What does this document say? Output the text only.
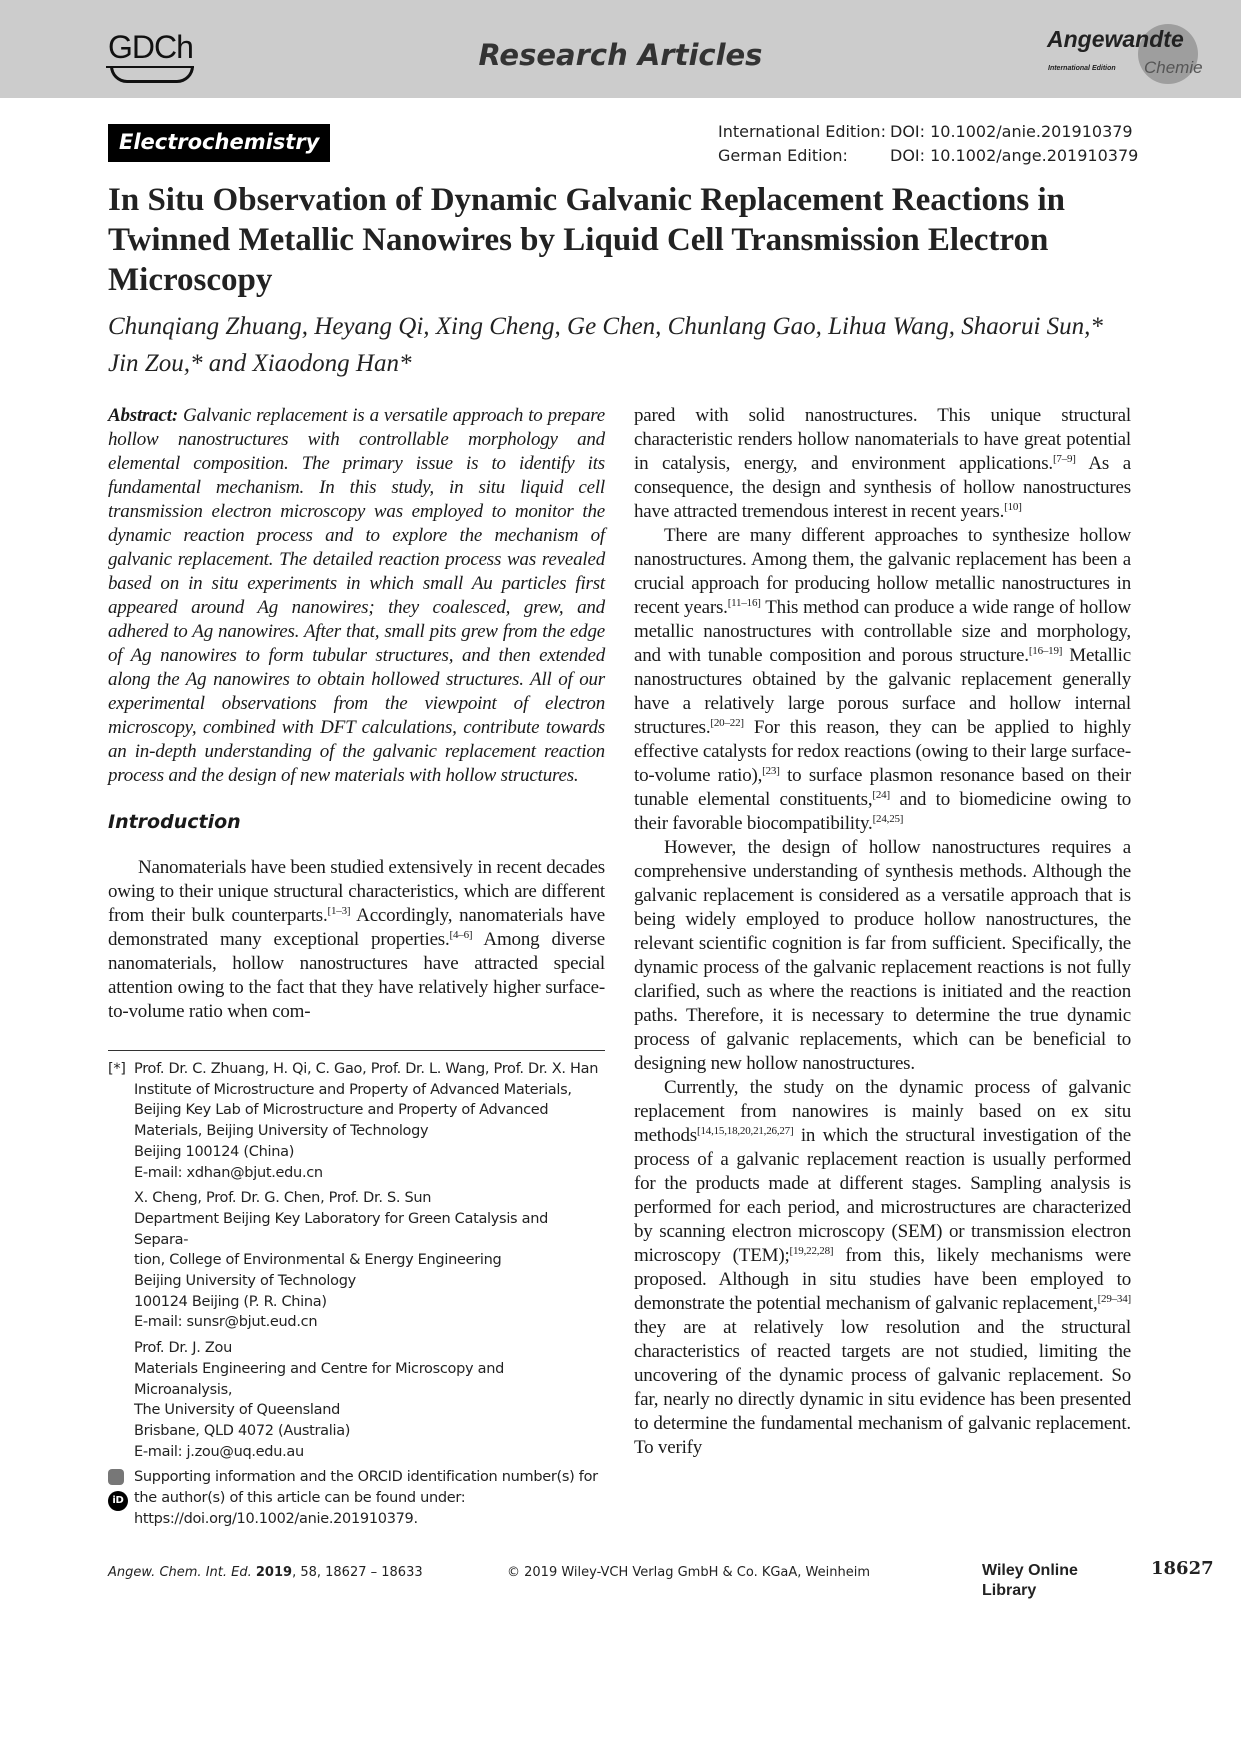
GDCh	Research Articles	Angewandte
International Edition Chemie
Electrochemistry	International Edition: DOI: 10.1002/anie.201910379
German Edition:	DOI: 10.1002/ange.201910379
In Situ Observation of Dynamic Galvanic Replacement Reactions in Twinned Metallic Nanowires by Liquid Cell Transmission Electron Microscopy
Chunqiang Zhuang, Heyang Qi, Xing Cheng, Ge Chen, Chunlang Gao, Lihua Wang, Shaorui Sun,* Jin Zou,* and Xiaodong Han*

Abstract: Galvanic replacement is a versatile approach to prepare hollow nanostructures with controllable morphology and elemental composition. The primary issue is to identify its fundamental mechanism. In this study, in situ liquid cell transmission electron microscopy was employed to monitor the dynamic reaction process and to explore the mechanism of galvanic replacement. The detailed reaction process was revealed based on in situ experiments in which small Au particles first appeared around Ag nanowires; they coalesced, grew, and adhered to Ag nanowires. After that, small pits grew from the edge of Ag nanowires to form tubular structures, and then extended along the Ag nanowires to obtain hollowed structures. All of our experimental observations from the viewpoint of electron microscopy, combined with DFT calculations, contribute towards an in-depth understanding of the galvanic replacement reaction process and the design of new materials with hollow structures.

Introduction

Nanomaterials have been studied extensively in recent decades owing to their unique structural characteristics, which are different from their bulk counterparts.[1–3] Accordingly, nanomaterials have demonstrated many exceptional properties.[4–6] Among diverse nanomaterials, hollow nanostructures have attracted special attention owing to the fact that they have relatively higher surface-to-volume ratio when com-

[*] Prof. Dr. C. Zhuang, H. Qi, C. Gao, Prof. Dr. L. Wang, Prof. Dr. X. Han
Institute of Microstructure and Property of Advanced Materials,
Beijing Key Lab of Microstructure and Property of Advanced
Materials, Beijing University of Technology
Beijing 100124 (China)
E-mail: xdhan@bjut.edu.cn
X. Cheng, Prof. Dr. G. Chen, Prof. Dr. S. Sun
Department Beijing Key Laboratory for Green Catalysis and Separa-
tion, College of Environmental & Energy Engineering
Beijing University of Technology
100124 Beijing (P. R. China)
E-mail: sunsr@bjut.eud.cn
Prof. Dr. J. Zou
Materials Engineering and Centre for Microscopy and Microanalysis,
The University of Queensland
Brisbane, QLD 4072 (Australia)
E-mail: j.zou@uq.edu.au
iD
Supporting information and the ORCID identification number(s) for
the author(s) of this article can be found under:
https://doi.org/10.1002/anie.201910379.

pared with solid nanostructures. This unique structural characteristic renders hollow nanomaterials to have great potential in catalysis, energy, and environment applications.[7–9] As a consequence, the design and synthesis of hollow nanostructures have attracted tremendous interest in recent years.[10]

There are many different approaches to synthesize hollow nanostructures. Among them, the galvanic replacement has been a crucial approach for producing hollow metallic nanostructures in recent years.[11–16] This method can produce a wide range of hollow metallic nanostructures with controllable size and morphology, and with tunable composition and porous structure.[16–19] Metallic nanostructures obtained by the galvanic replacement generally have a relatively large porous surface and hollow internal structures.[20–22] For this reason, they can be applied to highly effective catalysts for redox reactions (owing to their large surface-to-volume ratio),[23] to surface plasmon resonance based on their tunable elemental constituents,[24] and to biomedicine owing to their favorable biocompatibility.[24,25]

However, the design of hollow nanostructures requires a comprehensive understanding of synthesis methods. Although the galvanic replacement is considered as a versatile approach that is being widely employed to produce hollow nanostructures, the relevant scientific cognition is far from sufficient. Specifically, the dynamic process of the galvanic replacement reactions is not fully clarified, such as where the reactions is initiated and the reaction paths. Therefore, it is necessary to determine the true dynamic process of galvanic replacements, which can be beneficial to designing new hollow nanostructures.

Currently, the study on the dynamic process of galvanic replacement from nanowires is mainly based on ex situ methods[14,15,18,20,21,26,27] in which the structural investigation of the process of a galvanic replacement reaction is usually performed for the products made at different stages. Sampling analysis is performed for each period, and microstructures are characterized by scanning electron microscopy (SEM) or transmission electron microscopy (TEM);[19,22,28] from this, likely mechanisms were proposed. Although in situ studies have been employed to demonstrate the potential mechanism of galvanic replacement,[29–34] they are at relatively low resolution and the structural characteristics of reacted targets are not studied, limiting the uncovering of the dynamic process of galvanic replacement. So far, nearly no directly dynamic in situ evidence has been presented to determine the fundamental mechanism of galvanic replacement. To verify

Angew. Chem. Int. Ed. 2019, 58, 18627 – 18633	© 2019 Wiley-VCH Verlag GmbH & Co. KGaA, Weinheim	Wiley Online Library
18627
